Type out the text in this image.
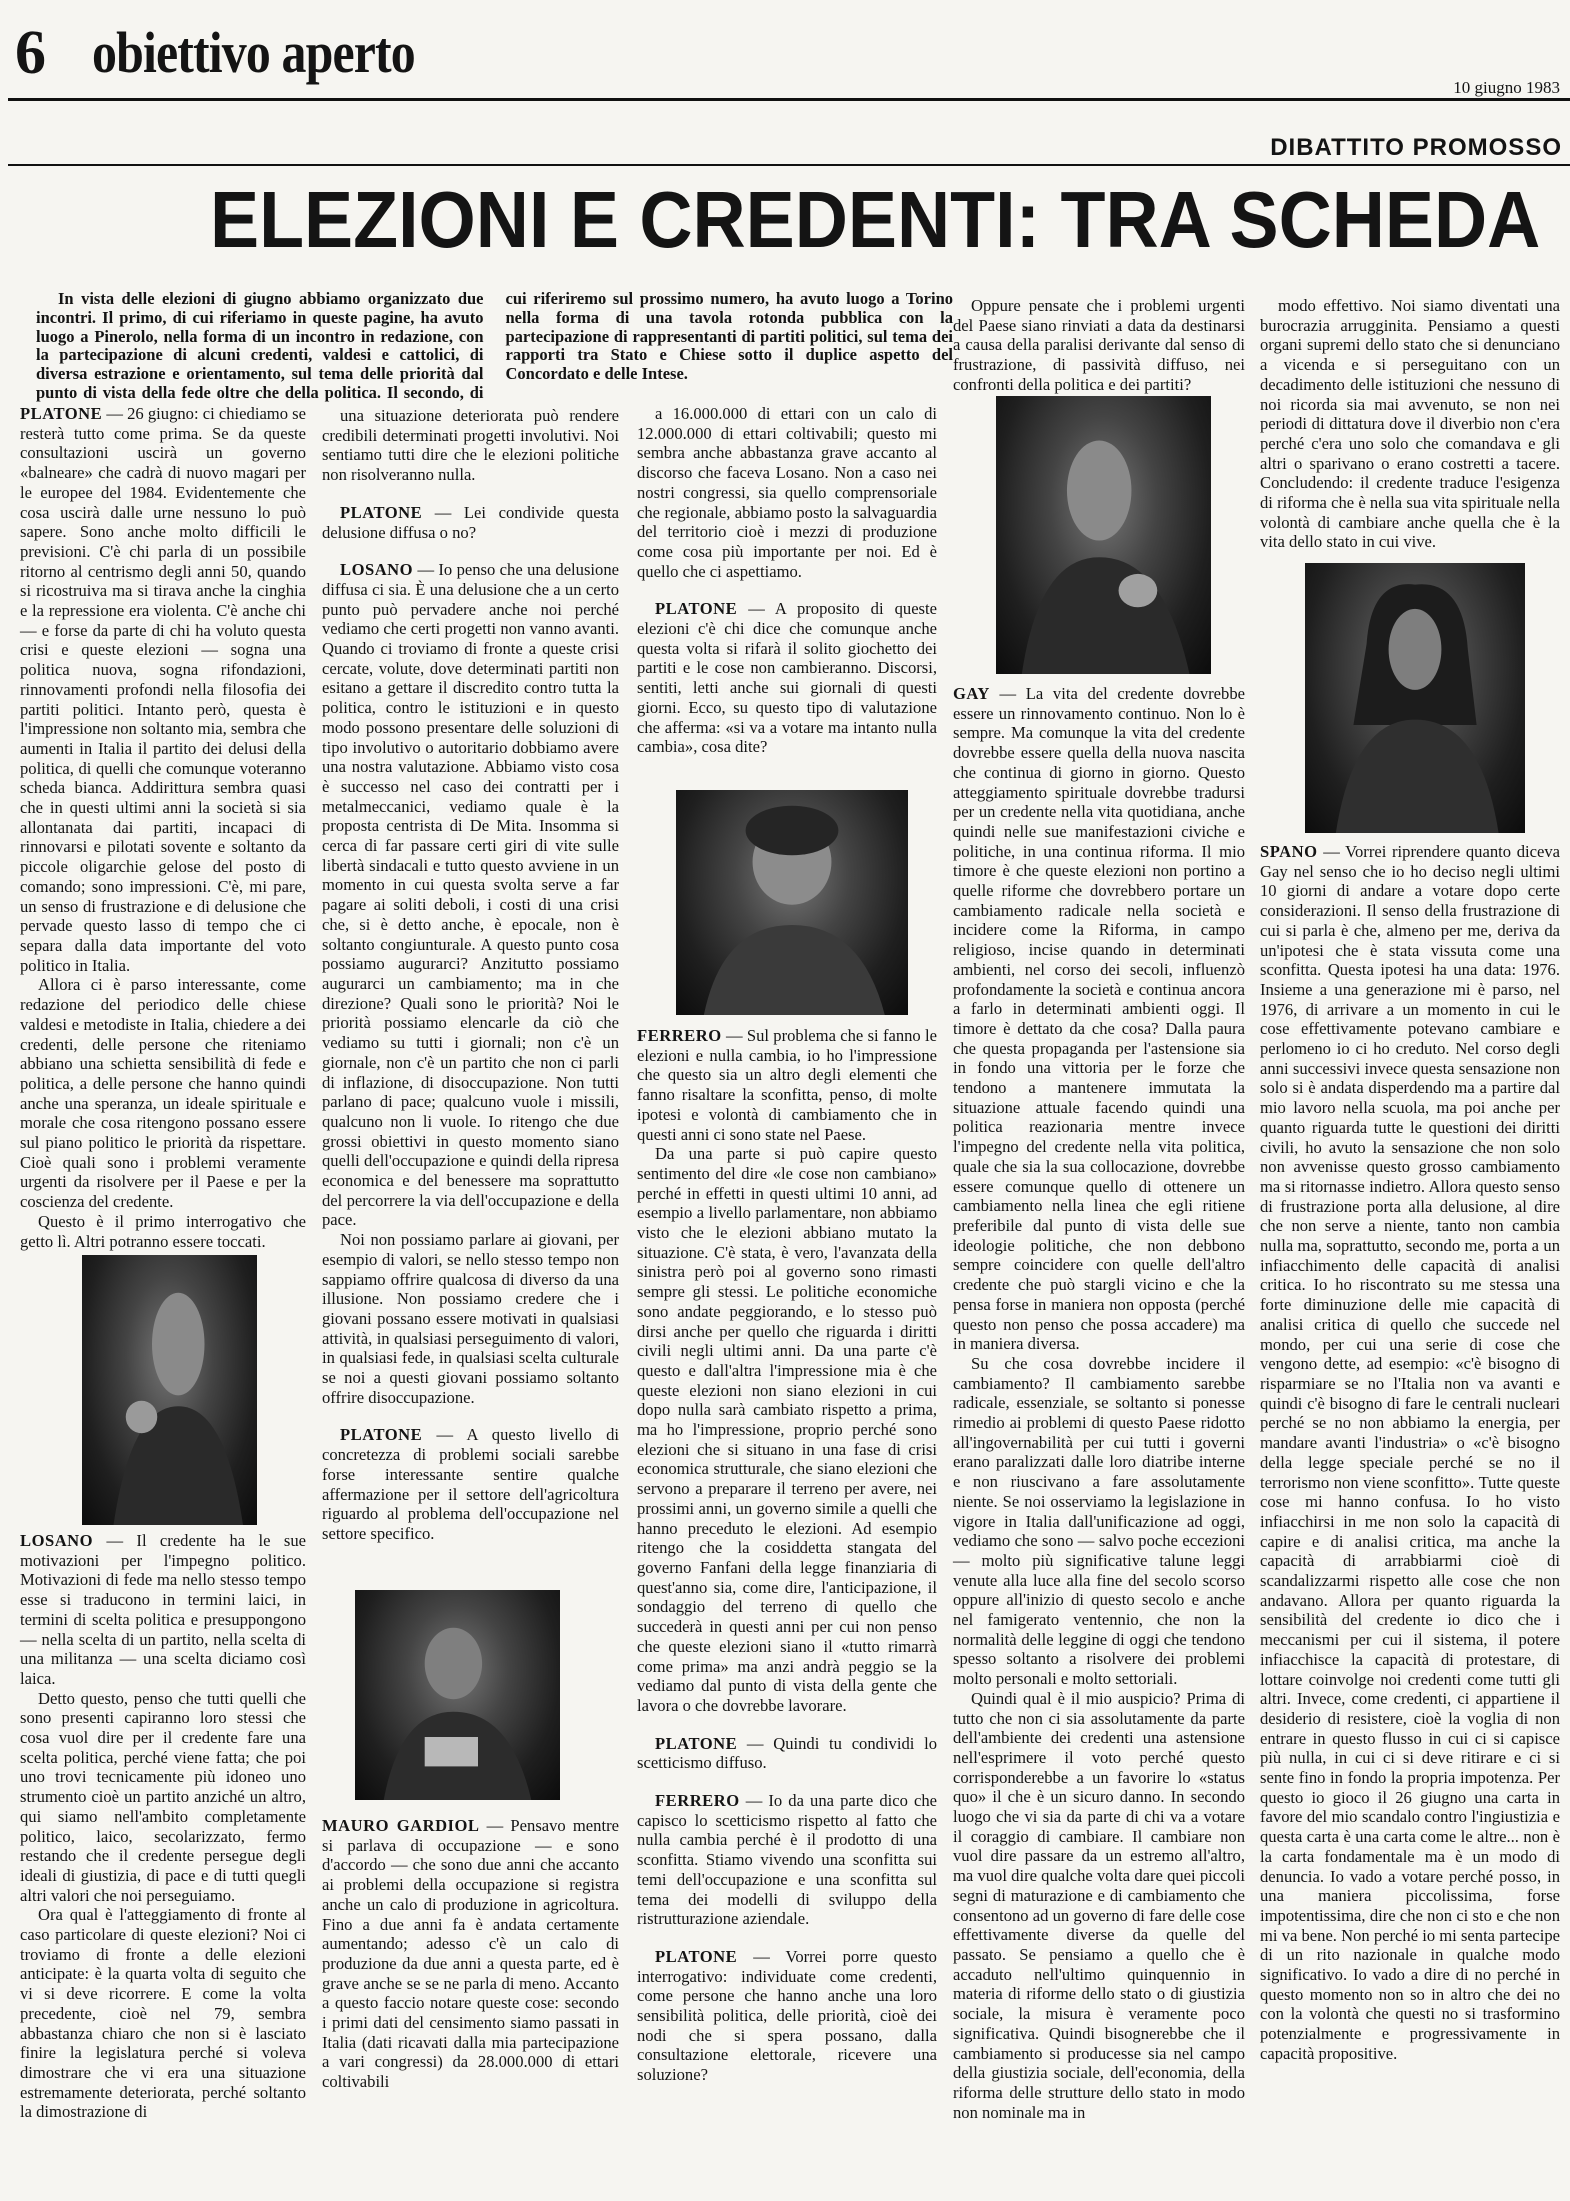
6 obiettivo aperto
10 giugno 1983
DIBATTITO PROMOSSO
ELEZIONI E CREDENTI: TRA SCHEDA

In vista delle elezioni di giugno abbiamo organizzato due incontri. Il primo, di cui riferiamo in queste pagine, ha avuto luogo a Pinerolo, nella forma di un incontro in redazione, con la partecipazione di alcuni credenti, valdesi e cattolici, di diversa estrazione e orientamento, sul tema delle priorità dal punto di vista della fede oltre che della politica. Il secondo, di cui riferiremo sul prossimo numero, ha avuto luogo a Torino nella forma di una tavola rotonda pubblica con la partecipazione di rappresentanti di partiti politici, sul tema dei rapporti tra Stato e Chiese sotto il duplice aspetto del Concordato e delle Intese.

PLATONE — 26 giugno: ci chiediamo se resterà tutto come prima. Se da queste consultazioni uscirà un governo «balneare» che cadrà di nuovo magari per le europee del 1984. Evidentemente che cosa uscirà dalle urne nessuno lo può sapere. Sono anche molto difficili le previsioni. C'è chi parla di un possibile ritorno al centrismo degli anni 50, quando si ricostruiva ma si tirava anche la cinghia e la repressione era violenta. C'è anche chi — e forse da parte di chi ha voluto questa crisi e queste elezioni — sogna una politica nuova, sogna rifondazioni, rinnovamenti profondi nella filosofia dei partiti politici. Intanto però, questa è l'impressione non soltanto mia, sembra che aumenti in Italia il partito dei delusi della politica, di quelli che comunque voteranno scheda bianca. Addirittura sembra quasi che in questi ultimi anni la società si sia allontanata dai partiti, incapaci di rinnovarsi e pilotati sovente e soltanto da piccole oligarchie gelose del posto di comando; sono impressioni. C'è, mi pare, un senso di frustrazione e di delusione che pervade questo lasso di tempo che ci separa dalla data importante del voto politico in Italia.

Allora ci è parso interessante, come redazione del periodico delle chiese valdesi e metodiste in Italia, chiedere a dei credenti, delle persone che riteniamo abbiano una schietta sensibilità di fede e politica, a delle persone che hanno quindi anche una speranza, un ideale spirituale e morale che cosa ritengono possano essere sul piano politico le priorità da rispettare. Cioè quali sono i problemi veramente urgenti da risolvere per il Paese e per la coscienza del credente.

Questo è il primo interrogativo che getto lì. Altri potranno essere toccati.

LOSANO — Il credente ha le sue motivazioni per l'impegno politico. Motivazioni di fede ma nello stesso tempo esse si traducono in termini laici, in termini di scelta politica e presuppongono — nella scelta di un partito, nella scelta di una militanza — una scelta diciamo così laica.

Detto questo, penso che tutti quelli che sono presenti capiranno loro stessi che cosa vuol dire per il credente fare una scelta politica, perché viene fatta; che poi uno trovi tecnicamente più idoneo uno strumento cioè un partito anziché un altro, qui siamo nell'ambito completamente politico, laico, secolarizzato, fermo restando che il credente persegue degli ideali di giustizia, di pace e di tutti quegli altri valori che noi perseguiamo.

Ora qual è l'atteggiamento di fronte al caso particolare di queste elezioni? Noi ci troviamo di fronte a delle elezioni anticipate: è la quarta volta di seguito che vi si deve ricorrere. E come la volta precedente, cioè nel 79, sembra abbastanza chiaro che non si è lasciato finire la legislatura perché si voleva dimostrare che vi era una situazione estremamente deteriorata, perché soltanto la dimostrazione di

una situazione deteriorata può rendere credibili determinati progetti involutivi. Noi sentiamo tutti dire che le elezioni politiche non risolveranno nulla.

PLATONE — Lei condivide questa delusione diffusa o no?

LOSANO — Io penso che una delusione diffusa ci sia. È una delusione che a un certo punto può pervadere anche noi perché vediamo che certi progetti non vanno avanti. Quando ci troviamo di fronte a queste crisi cercate, volute, dove determinati partiti non esitano a gettare il discredito contro tutta la politica, contro le istituzioni e in questo modo possono presentare delle soluzioni di tipo involutivo o autoritario dobbiamo avere una nostra valutazione. Abbiamo visto cosa è successo nel caso dei contratti per i metalmeccanici, vediamo quale è la proposta centrista di De Mita. Insomma si cerca di far passare certi giri di vite sulle libertà sindacali e tutto questo avviene in un momento in cui questa svolta serve a far pagare ai soliti deboli, i costi di una crisi che, si è detto anche, è epocale, non è soltanto congiunturale. A questo punto cosa possiamo augurarci? Anzitutto possiamo augurarci un cambiamento; ma in che direzione? Quali sono le priorità? Noi le priorità possiamo elencarle da ciò che vediamo su tutti i giornali; non c'è un giornale, non c'è un partito che non ci parli di inflazione, di disoccupazione. Non tutti parlano di pace; qualcuno vuole i missili, qualcuno non li vuole. Io ritengo che due grossi obiettivi in questo momento siano quelli dell'occupazione e quindi della ripresa economica e del benessere ma soprattutto del percorrere la via dell'occupazione e della pace.

Noi non possiamo parlare ai giovani, per esempio di valori, se nello stesso tempo non sappiamo offrire qualcosa di diverso da una illusione. Non possiamo credere che i giovani possano essere motivati in qualsiasi attività, in qualsiasi perseguimento di valori, in qualsiasi fede, in qualsiasi scelta culturale se noi a questi giovani possiamo soltanto offrire disoccupazione.

PLATONE — A questo livello di concretezza di problemi sociali sarebbe forse interessante sentire qualche affermazione per il settore dell'agricoltura riguardo al problema dell'occupazione nel settore specifico.

MAURO GARDIOL — Pensavo mentre si parlava di occupazione — e sono d'accordo — che sono due anni che accanto ai problemi della occupazione si registra anche un calo di produzione in agricoltura. Fino a due anni fa è andata certamente aumentando; adesso c'è un calo di produzione da due anni a questa parte, ed è grave anche se se ne parla di meno. Accanto a questo faccio notare queste cose: secondo i primi dati del censimento siamo passati in Italia (dati ricavati dalla mia partecipazione a vari congressi) da 28.000.000 di ettari coltivabili

a 16.000.000 di ettari con un calo di 12.000.000 di ettari coltivabili; questo mi sembra anche abbastanza grave accanto al discorso che faceva Losano. Non a caso nei nostri congressi, sia quello comprensoriale che regionale, abbiamo posto la salvaguardia del territorio cioè i mezzi di produzione come cosa più importante per noi. Ed è quello che ci aspettiamo.

PLATONE — A proposito di queste elezioni c'è chi dice che comunque anche questa volta si rifarà il solito giochetto dei partiti e le cose non cambieranno. Discorsi, sentiti, letti anche sui giornali di questi giorni. Ecco, su questo tipo di valutazione che afferma: «si va a votare ma intanto nulla cambia», cosa dite?

FERRERO — Sul problema che si fanno le elezioni e nulla cambia, io ho l'impressione che questo sia un altro degli elementi che fanno risaltare la sconfitta, penso, di molte ipotesi e volontà di cambiamento che in questi anni ci sono state nel Paese.

Da una parte si può capire questo sentimento del dire «le cose non cambiano» perché in effetti in questi ultimi 10 anni, ad esempio a livello parlamentare, non abbiamo visto che le elezioni abbiano mutato la situazione. C'è stata, è vero, l'avanzata della sinistra però poi al governo sono rimasti sempre gli stessi. Le politiche economiche sono andate peggiorando, e lo stesso può dirsi anche per quello che riguarda i diritti civili negli ultimi anni. Da una parte c'è questo e dall'altra l'impressione mia è che queste elezioni non siano elezioni in cui dopo nulla sarà cambiato rispetto a prima, ma ho l'impressione, proprio perché sono elezioni che si situano in una fase di crisi economica strutturale, che siano elezioni che servono a preparare il terreno per avere, nei prossimi anni, un governo simile a quelli che hanno preceduto le elezioni. Ad esempio ritengo che la cosiddetta stangata del governo Fanfani della legge finanziaria di quest'anno sia, come dire, l'anticipazione, il sondaggio del terreno di quello che succederà in questi anni per cui non penso che queste elezioni siano il «tutto rimarrà come prima» ma anzi andrà peggio se la vediamo dal punto di vista della gente che lavora o che dovrebbe lavorare.

PLATONE — Quindi tu condividi lo scetticismo diffuso.

FERRERO — Io da una parte dico che capisco lo scetticismo rispetto al fatto che nulla cambia perché è il prodotto di una sconfitta. Stiamo vivendo una sconfitta sui temi dell'occupazione e una sconfitta sul tema dei modelli di sviluppo della ristrutturazione aziendale.

PLATONE — Vorrei porre questo interrogativo: individuate come credenti, come persone che hanno anche una loro sensibilità politica, delle priorità, cioè dei nodi che si spera possano, dalla consultazione elettorale, ricevere una soluzione?

Oppure pensate che i problemi urgenti del Paese siano rinviati a data da destinarsi a causa della paralisi derivante dal senso di frustrazione, di passività diffuso, nei confronti della politica e dei partiti?

GAY — La vita del credente dovrebbe essere un rinnovamento continuo. Non lo è sempre. Ma comunque la vita del credente dovrebbe essere quella della nuova nascita che continua di giorno in giorno. Questo atteggiamento spirituale dovrebbe tradursi per un credente nella vita quotidiana, anche quindi nelle sue manifestazioni civiche e politiche, in una continua riforma. Il mio timore è che queste elezioni non portino a quelle riforme che dovrebbero portare un cambiamento radicale nella società e incidere come la Riforma, in campo religioso, incise quando in determinati ambienti, nel corso dei secoli, influenzò profondamente la società e continua ancora a farlo in determinati ambienti oggi. Il timore è dettato da che cosa? Dalla paura che questa propaganda per l'astensione sia in fondo una vittoria per le forze che tendono a mantenere immutata la situazione attuale facendo quindi una politica reazionaria mentre invece l'impegno del credente nella vita politica, quale che sia la sua collocazione, dovrebbe essere comunque quello di ottenere un cambiamento nella linea che egli ritiene preferibile dal punto di vista delle sue ideologie politiche, che non debbono sempre coincidere con quelle dell'altro credente che può stargli vicino e che la pensa forse in maniera non opposta (perché questo non penso che possa accadere) ma in maniera diversa.

Su che cosa dovrebbe incidere il cambiamento? Il cambiamento sarebbe radicale, essenziale, se soltanto si ponesse rimedio ai problemi di questo Paese ridotto all'ingovernabilità per cui tutti i governi erano paralizzati dalle loro diatribe interne e non riuscivano a fare assolutamente niente. Se noi osserviamo la legislazione in vigore in Italia dall'unificazione ad oggi, vediamo che sono — salvo poche eccezioni — molto più significative talune leggi venute alla luce alla fine del secolo scorso oppure all'inizio di questo secolo e anche nel famigerato ventennio, che non la normalità delle leggine di oggi che tendono spesso soltanto a risolvere dei problemi molto personali e molto settoriali.

Quindi qual è il mio auspicio? Prima di tutto che non ci sia assolutamente da parte dell'ambiente dei credenti una astensione nell'esprimere il voto perché questo corrisponderebbe a un favorire lo «status quo» il che è un sicuro danno. In secondo luogo che vi sia da parte di chi va a votare il coraggio di cambiare. Il cambiare non vuol dire passare da un estremo all'altro, ma vuol dire qualche volta dare quei piccoli segni di maturazione e di cambiamento che consentono ad un governo di fare delle cose effettivamente diverse da quelle del passato. Se pensiamo a quello che è accaduto nell'ultimo quinquennio in materia di riforme dello stato o di giustizia sociale, la misura è veramente poco significativa. Quindi bisognerebbe che il cambiamento si producesse sia nel campo della giustizia sociale, dell'economia, della riforma delle strutture dello stato in modo non nominale ma in

modo effettivo. Noi siamo diventati una burocrazia arrugginita. Pensiamo a questi organi supremi dello stato che si denunciano a vicenda e si perseguitano con un decadimento delle istituzioni che nessuno di noi ricorda sia mai avvenuto, se non nei periodi di dittatura dove il diverbio non c'era perché c'era uno solo che comandava e gli altri o sparivano o erano costretti a tacere. Concludendo: il credente traduce l'esigenza di riforma che è nella sua vita spirituale nella volontà di cambiare anche quella che è la vita dello stato in cui vive.

SPANO — Vorrei riprendere quanto diceva Gay nel senso che io ho deciso negli ultimi 10 giorni di andare a votare dopo certe considerazioni. Il senso della frustrazione di cui si parla è che, almeno per me, deriva da un'ipotesi che è stata vissuta come una sconfitta. Questa ipotesi ha una data: 1976. Insieme a una generazione mi è parso, nel 1976, di arrivare a un momento in cui le cose effettivamente potevano cambiare e perlomeno io ci ho creduto. Nel corso degli anni successivi invece questa sensazione non solo si è andata disperdendo ma a partire dal mio lavoro nella scuola, ma poi anche per quanto riguarda tutte le questioni dei diritti civili, ho avuto la sensazione che non solo non avvenisse questo grosso cambiamento ma si ritornasse indietro. Allora questo senso di frustrazione porta alla delusione, al dire che non serve a niente, tanto non cambia nulla ma, soprattutto, secondo me, porta a un infiacchimento delle capacità di analisi critica. Io ho riscontrato su me stessa una forte diminuzione delle mie capacità di analisi critica di quello che succede nel mondo, per cui una serie di cose che vengono dette, ad esempio: «c'è bisogno di risparmiare se no l'Italia non va avanti e quindi c'è bisogno di fare le centrali nucleari perché se no non abbiamo la energia, per mandare avanti l'industria» o «c'è bisogno della legge speciale perché se no il terrorismo non viene sconfitto». Tutte queste cose mi hanno confusa. Io ho visto infiacchirsi in me non solo la capacità di capire e di analisi critica, ma anche la capacità di arrabbiarmi cioè di scandalizzarmi rispetto alle cose che non andavano. Allora per quanto riguarda la sensibilità del credente io dico che i meccanismi per cui il sistema, il potere infiacchisce la capacità di protestare, di lottare coinvolge noi credenti come tutti gli altri. Invece, come credenti, ci appartiene il desiderio di resistere, cioè la voglia di non entrare in questo flusso in cui ci si capisce più nulla, in cui ci si deve ritirare e ci si sente fino in fondo la propria impotenza. Per questo io gioco il 26 giugno una carta in favore del mio scandalo contro l'ingiustizia e questa carta è una carta come le altre... non è la carta fondamentale ma è un modo di denuncia. Io vado a votare perché posso, in una maniera piccolissima, forse impotentissima, dire che non ci sto e che non mi va bene. Non perché io mi senta partecipe di un rito nazionale in qualche modo significativo. Io vado a dire di no perché in questo momento non so in altro che dei no con la volontà che questi no si trasformino potenzialmente e progressivamente in capacità propositive.
